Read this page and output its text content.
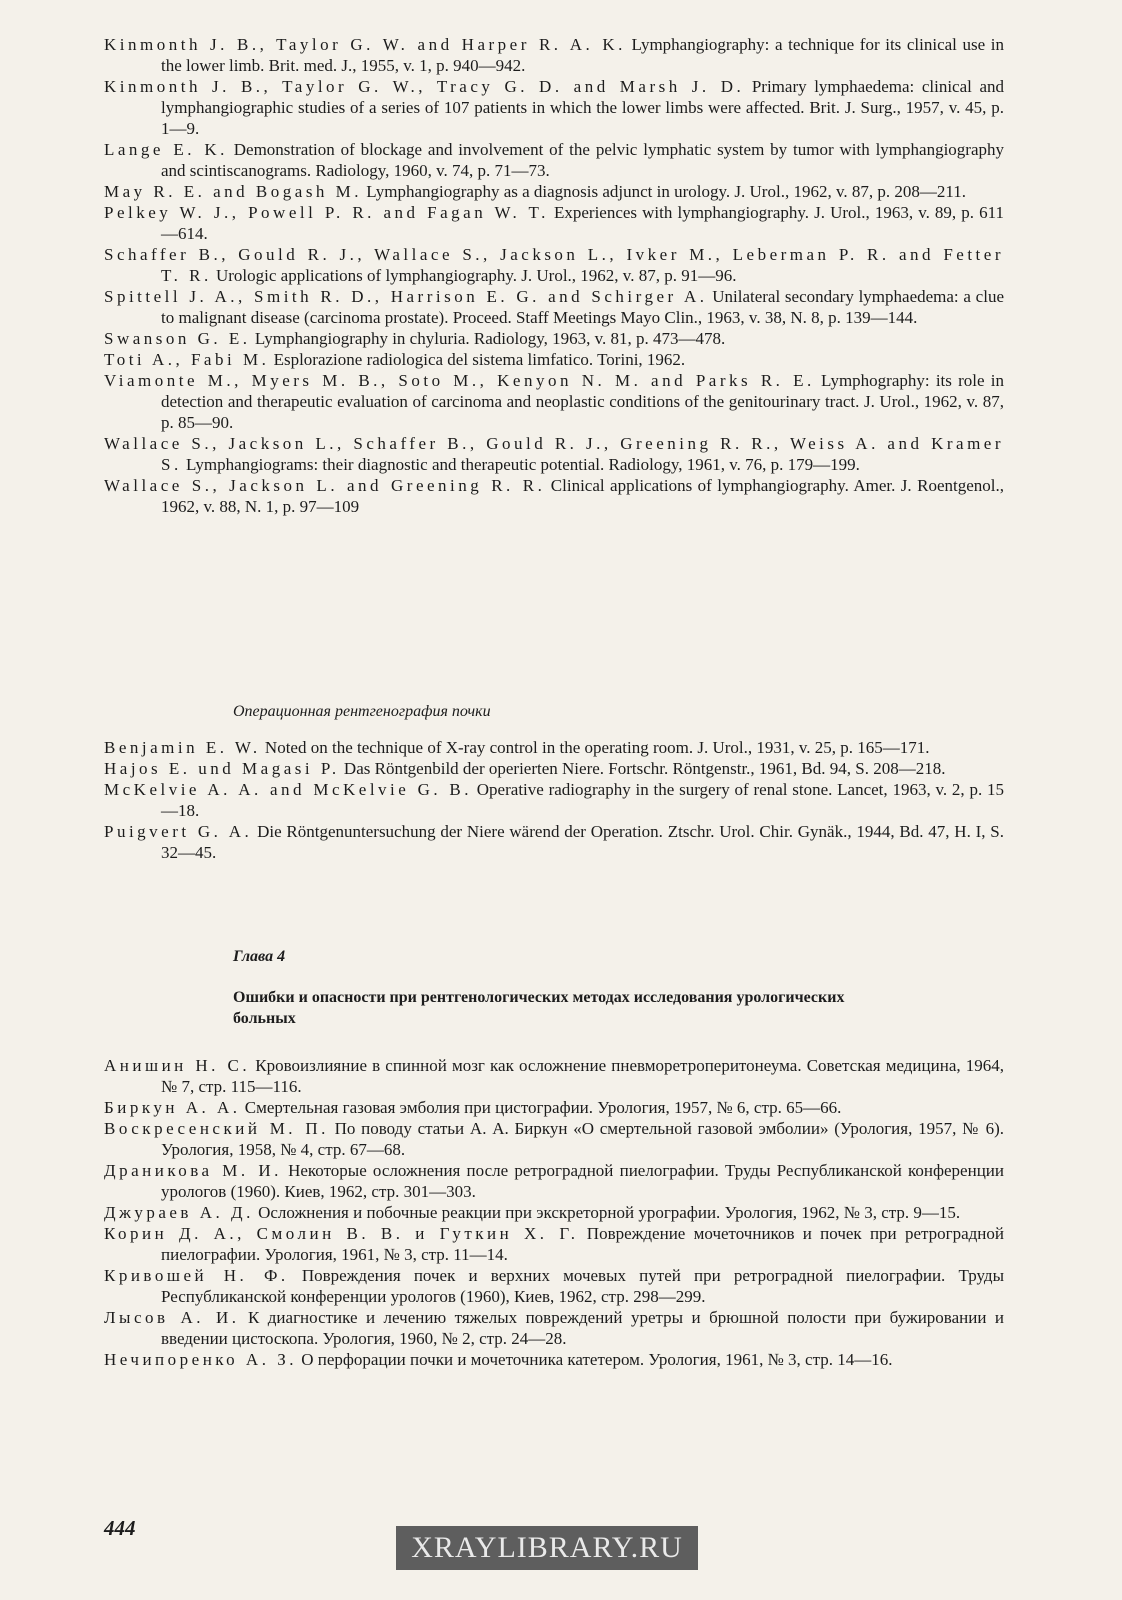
Kinmonth J. B., Taylor G. W. and Harper R. A. K. Lymphangiography: a technique for its clinical use in the lower limb. Brit. med. J., 1955, v. 1, p. 940—942.
Kinmonth J. B., Taylor G. W., Tracy G. D. and Marsh J. D. Primary lymphaedema: clinical and lymphangiographic studies of a series of 107 patients in which the lower limbs were affected. Brit. J. Surg., 1957, v. 45, p. 1—9.
Lange E. K. Demonstration of blockage and involvement of the pelvic lymphatic system by tumor with lymphangiography and scintiscanograms. Radiology, 1960, v. 74, p. 71—73.
May R. E. and Bogash M. Lymphangiography as a diagnosis adjunct in urology. J. Urol., 1962, v. 87, p. 208—211.
Pelkey W. J., Powell P. R. and Fagan W. T. Experiences with lymphangiography. J. Urol., 1963, v. 89, p. 611—614.
Schaffer B., Gould R. J., Wallace S., Jackson L., Ivker M., Leberman P. R. and Fetter T. R. Urologic applications of lymphangiography. J. Urol., 1962, v. 87, p. 91—96.
Spittell J. A., Smith R. D., Harrison E. G. and Schirger A. Unilateral secondary lymphaedema: a clue to malignant disease (carcinoma prostate). Proceed. Staff Meetings Mayo Clin., 1963, v. 38, N. 8, p. 139—144.
Swanson G. E. Lymphangiography in chyluria. Radiology, 1963, v. 81, p. 473—478.
Toti A., Fabi M. Esplorazione radiologica del sistema limfatico. Torini, 1962.
Viamonte M., Myers M. B., Soto M., Kenyon N. M. and Parks R. E. Lymphography: its role in detection and therapeutic evaluation of carcinoma and neoplastic conditions of the genitourinary tract. J. Urol., 1962, v. 87, p. 85—90.
Wallace S., Jackson L., Schaffer B., Gould R. J., Greening R. R., Weiss A. and Kramer S. Lymphangiograms: their diagnostic and therapeutic potential. Radiology, 1961, v. 76, p. 179—199.
Wallace S., Jackson L. and Greening R. R. Clinical applications of lymphangiography. Amer. J. Roentgenol., 1962, v. 88, N. 1, p. 97—109
Операционная рентгенография почки
Benjamin E. W. Noted on the technique of X-ray control in the operating room. J. Urol., 1931, v. 25, p. 165—171.
Hajos E. und Magasi P. Das Röntgenbild der operierten Niere. Fortschr. Röntgenstr., 1961, Bd. 94, S. 208—218.
McKelvie A. A. and McKelvie G. B. Operative radiography in the surgery of renal stone. Lancet, 1963, v. 2, p. 15—18.
Puigvert G. A. Die Röntgenuntersuchung der Niere wärend der Operation. Ztschr. Urol. Chir. Gynäk., 1944, Bd. 47, H. I, S. 32—45.
Глава 4
Ошибки и опасности при рентгенологических методах исследования урологических больных
Анишин Н. С. Кровоизлияние в спинной мозг как осложнение пневморетроперитонеума. Советская медицина, 1964, № 7, стр. 115—116.
Биркун А. А. Смертельная газовая эмболия при цистографии. Урология, 1957, № 6, стр. 65—66.
Воскресенский М. П. По поводу статьи А. А. Биркун «О смертельной газовой эмболии» (Урология, 1957, № 6). Урология, 1958, № 4, стр. 67—68.
Драникова М. И. Некоторые осложнения после ретроградной пиелографии. Труды Республиканской конференции урологов (1960). Киев, 1962, стр. 301—303.
Джураев А. Д. Осложнения и побочные реакции при экскреторной урографии. Урология, 1962, № 3, стр. 9—15.
Корин Д. А., Смолин В. В. и Гуткин Х. Г. Повреждение мочеточников и почек при ретроградной пиелографии. Урология, 1961, № 3, стр. 11—14.
Кривошей Н. Ф. Повреждения почек и верхних мочевых путей при ретроградной пиелографии. Труды Республиканской конференции урологов (1960), Киев, 1962, стр. 298—299.
Лысов А. И. К диагностике и лечению тяжелых повреждений уретры и брюшной полости при бужировании и введении цистоскопа. Урология, 1960, № 2, стр. 24—28.
Нечипоренко А. З. О перфорации почки и мочеточника катетером. Урология, 1961, № 3, стр. 14—16.
444
XRAYLIBRARY.RU
